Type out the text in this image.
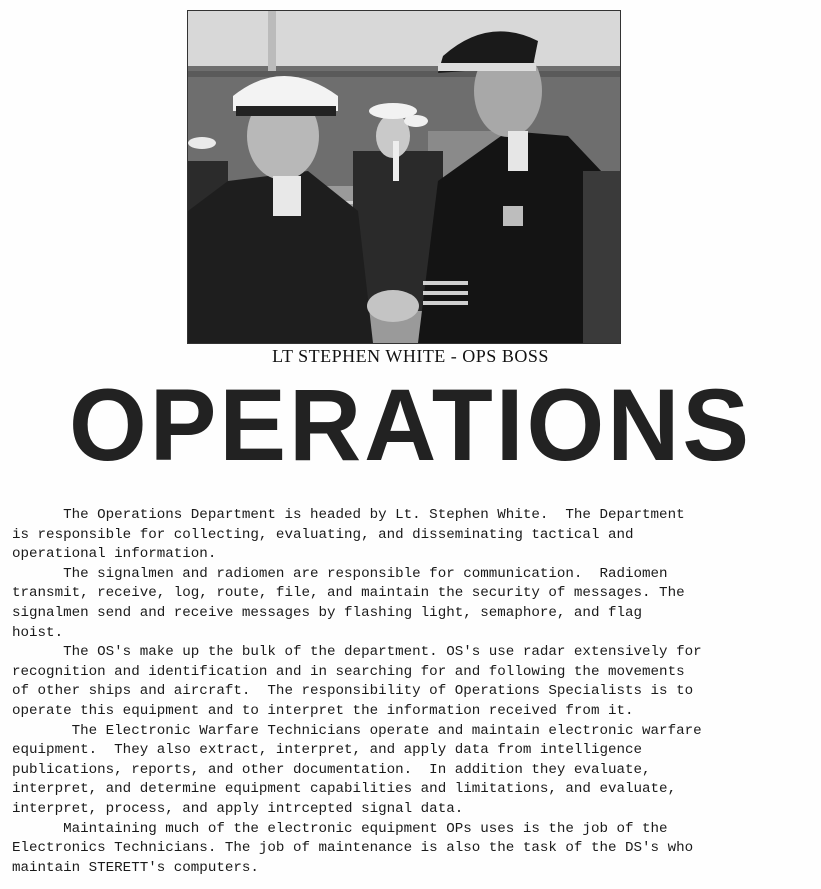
LT STEPHEN WHITE - OPS BOSS
OPERATIONS
The Operations Department is headed by Lt. Stephen White.  The Department
is responsible for collecting, evaluating, and disseminating tactical and
operational information.
The signalmen and radiomen are responsible for communication.  Radiomen
transmit, receive, log, route, file, and maintain the security of messages. The
signalmen send and receive messages by flashing light, semaphore, and flag
hoist.
The OS's make up the bulk of the department. OS's use radar extensively for
recognition and identification and in searching for and following the movements
of other ships and aircraft.  The responsibility of Operations Specialists is to
operate this equipment and to interpret the information received from it.
The Electronic Warfare Technicians operate and maintain electronic warfare
equipment.  They also extract, interpret, and apply data from intelligence
publications, reports, and other documentation.  In addition they evaluate,
interpret, and determine equipment capabilities and limitations, and evaluate,
interpret, process, and apply intrcepted signal data.
Maintaining much of the electronic equipment OPs uses is the job of the
Electronics Technicians. The job of maintenance is also the task of the DS's who
maintain STERETT's computers.
